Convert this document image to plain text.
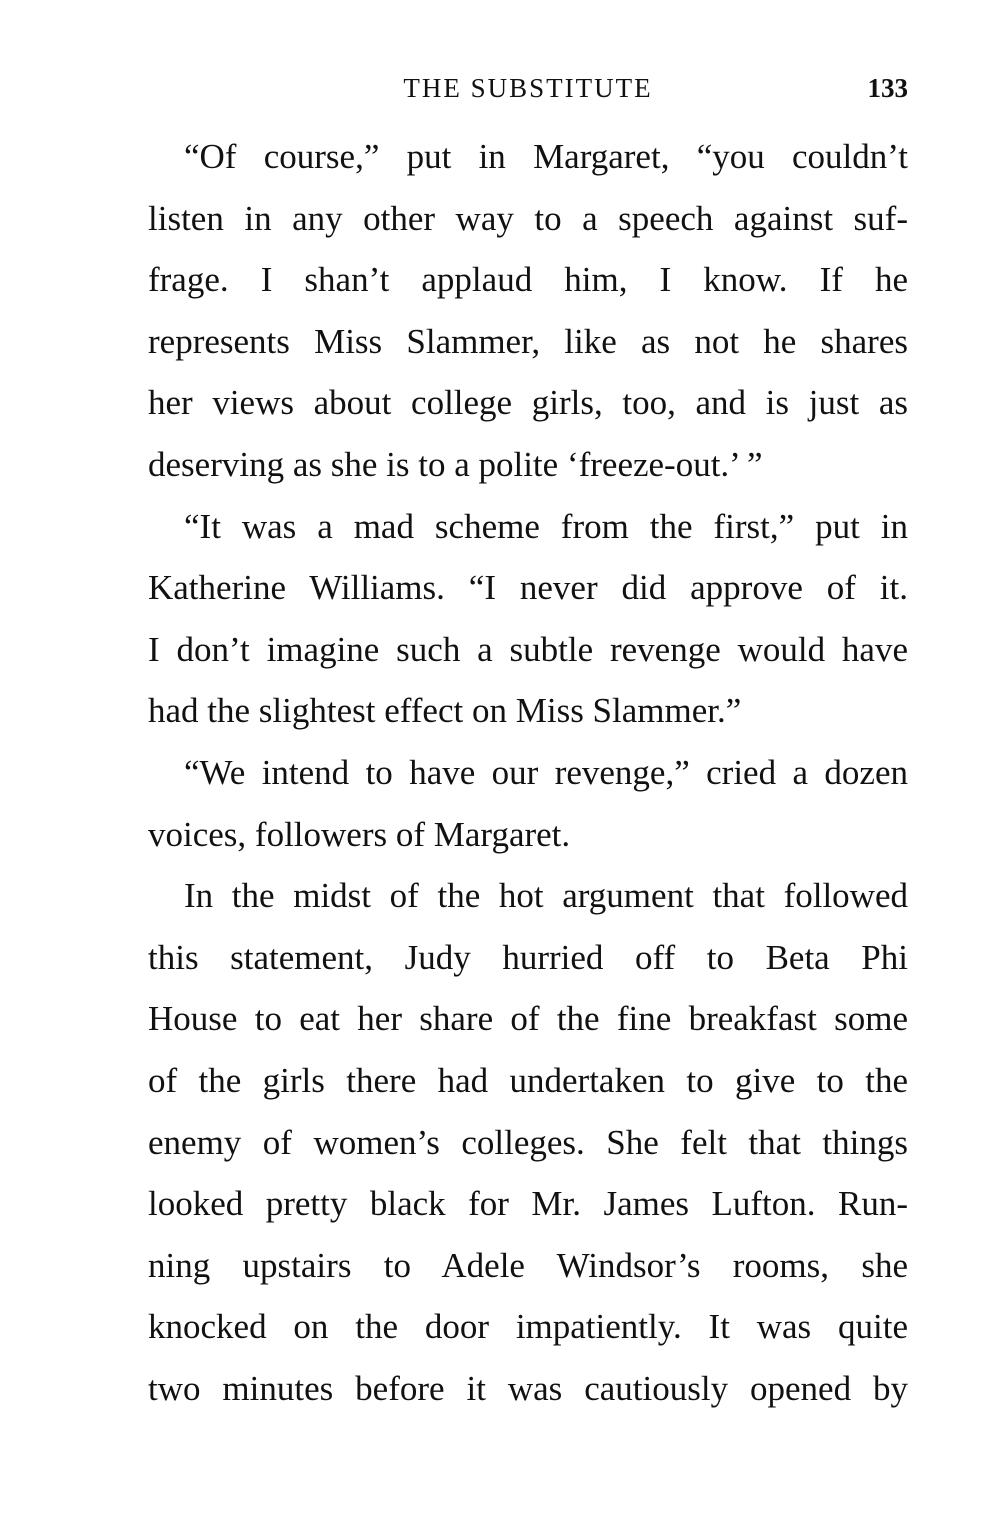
THE SUBSTITUTE	133
“Of course,” put in Margaret, “you couldn’t
listen in any other way to a speech against suf-
frage. I shan’t applaud him, I know. If he
represents Miss Slammer, like as not he shares
her views about college girls, too, and is just as
deserving as she is to a polite ‘freeze-out.’ ”
“It was a mad scheme from the first,” put in
Katherine Williams. “I never did approve of it.
I don’t imagine such a subtle revenge would have
had the slightest effect on Miss Slammer.”
“We intend to have our revenge,” cried a dozen
voices, followers of Margaret.
In the midst of the hot argument that followed
this statement, Judy hurried off to Beta Phi
House to eat her share of the fine breakfast some
of the girls there had undertaken to give to the
enemy of women’s colleges. She felt that things
looked pretty black for Mr. James Lufton. Run-
ning upstairs to Adele Windsor’s rooms, she
knocked on the door impatiently. It was quite
two minutes before it was cautiously opened by
